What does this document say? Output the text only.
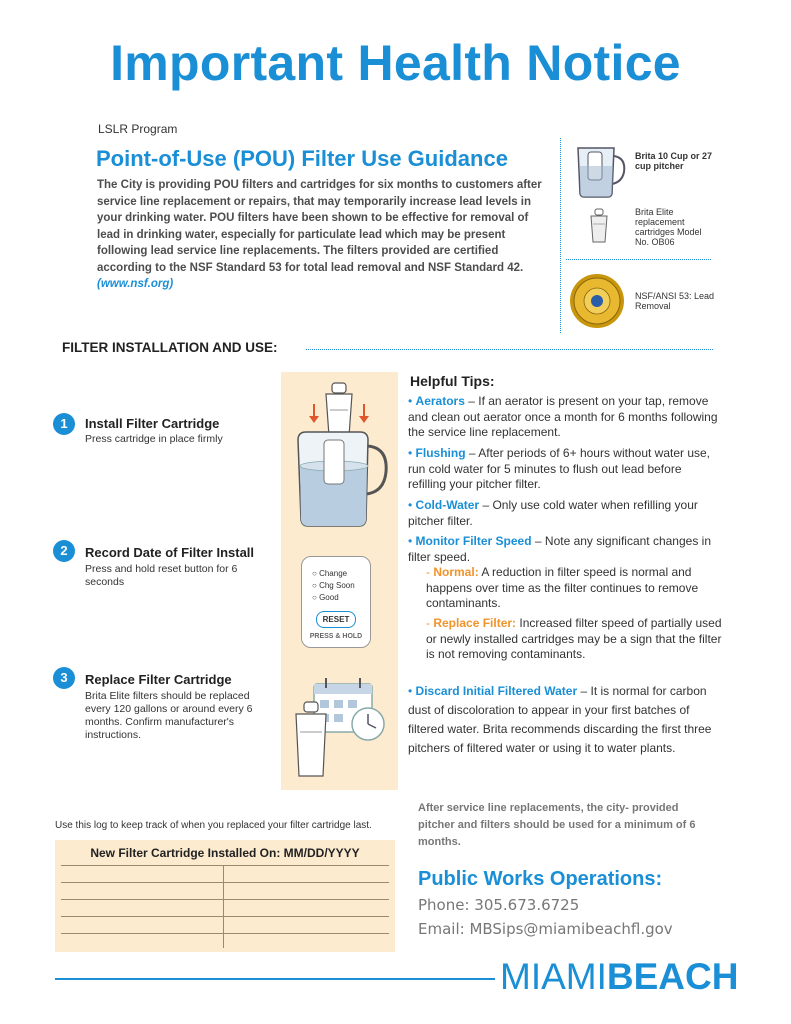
Important Health Notice
LSLR Program
Point-of-Use (POU) Filter Use Guidance
The City is providing POU filters and cartridges for six months to customers after service line replacement or repairs, that may temporarily increase lead levels in your drinking water. POU filters have been shown to be effective for removal of lead in drinking water, especially for particulate lead which may be present following lead service line replacements. The filters provided are certified according to the NSF Standard 53 for total lead removal and NSF Standard 42. (www.nsf.org)
Brita 10 Cup or 27 cup pitcher
Brita Elite replacement cartridges Model No. OB06
NSF/ANSI 53: Lead Removal
FILTER INSTALLATION AND USE:
○ Change
○ Chg Soon
○ Good
RESET
PRESS & HOLD
1	Install Filter Cartridge
Press cartridge in place firmly
2	Record Date of Filter Install
Press and hold reset button for 6 seconds
3	Replace Filter Cartridge
Brita Elite filters should be replaced every 120 gallons or around every 6 months. Confirm manufacturer's instructions.
Helpful Tips:
• Aerators – If an aerator is present on your tap, remove and clean out aerator once a month for 6 months following the service line replacement.
• Flushing – After periods of 6+ hours without water use, run cold water for 5 minutes to flush out lead before refilling your pitcher filter.
• Cold-Water – Only use cold water when refilling your pitcher filter.
• Monitor Filter Speed – Note any significant changes in filter speed.
- Normal: A reduction in filter speed is normal and happens over time as the filter continues to remove contaminants.
- Replace Filter: Increased filter speed of partially used or newly installed cartridges may be a sign that the filter is not removing contaminants.
• Discard Initial Filtered Water – It is normal for carbon dust of discoloration to appear in your first batches of filtered water. Brita recommends discarding the first three pitchers of filtered water or using it to water plants.
After service line replacements, the city- provided pitcher and filters should be used for a minimum of 6 months.
Public Works Operations:
Phone: 305.673.6725
Email: MBSips@miamibeachfl.gov
Use this log to keep track of when you replaced your filter cartridge last.
New Filter Cartridge Installed On: MM/DD/YYYY
MIAMIBEACH
